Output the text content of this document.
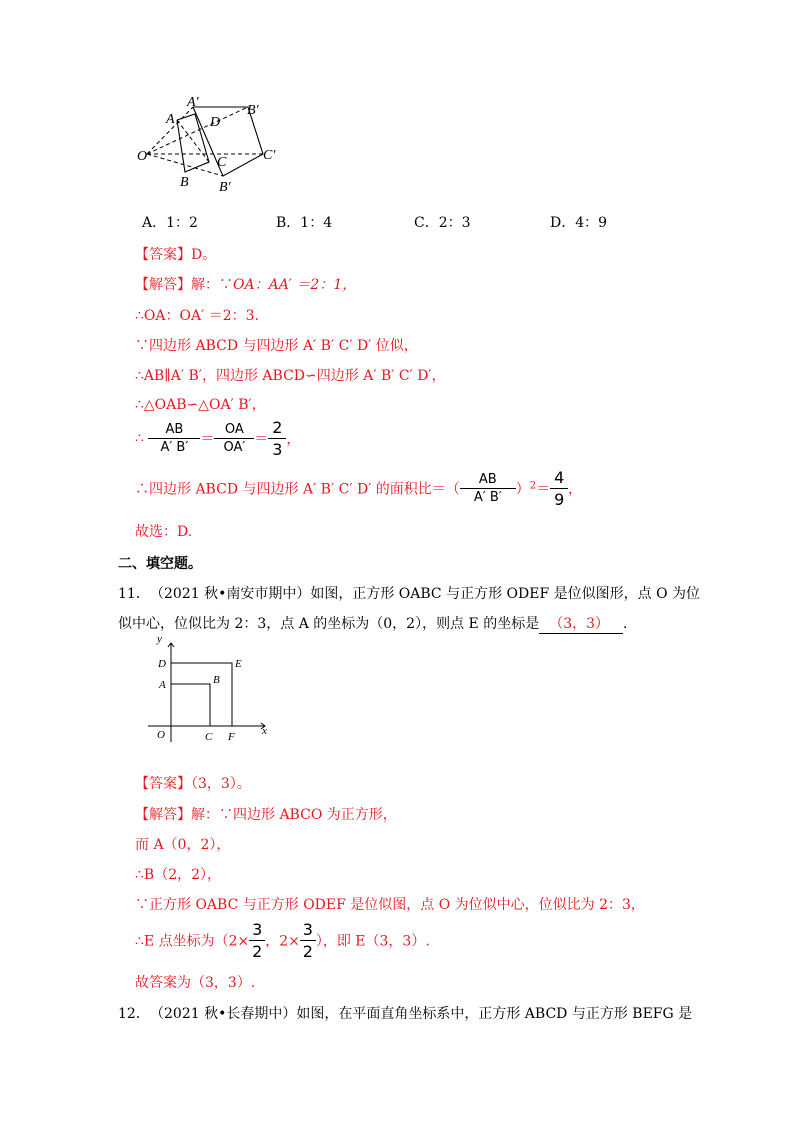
A′
B′
A	D
O	C	C′
B B′
A．1：2	B．1：4	C．2：3	D．4：9
【答案】D。
【解答】解：∵OA：AA′ ＝2：1，
∴OA：OA′ ＝2：3.
∵四边形 ABCD 与四边形 A′ B′ C′ D′ 位似，
∴AB∥A′ B′，四边形 ABCD∽四边形 A′ B′ C′ D′，
∴△OAB∽△OA′ B′，
∴ $\frac{AB}{A' B'} = \frac{OA}{OA'} = \frac{2}{3}$ ，
∴四边形 ABCD 与四边形 A′ B′ C′ D′ 的面积比＝（ $\frac{AB}{A' B'} )^2= \frac{4}{9}$ ，
故选：D.
二、填空题。
11． （2021 秋•南安市期中）如图，正方形 OABC 与正方形 ODEF 是位似图形，点 O 为位
似中心，位似比为 2：3，点 A 的坐标为（0，2），则点 E 的坐标是 （3，3） ．
y
D	E
A	B
O	C F x
【答案】（3，3）。
【解答】解：∵四边形 ABCO 为正方形，
而 A（0，2），
∴B（2，2），
∵正方形 OABC 与正方形 ODEF 是位似图，点 O 为位似中心，位似比为 2：3，
∴E 点坐标为（$2\times \frac{3}{2}$ ，$2\times \frac{3}{2}$ ），即 E（3，3）.
故答案为（3，3）.
12． （2021 秋•长春期中）如图，在平面直角坐标系中，正方形 ABCD 与正方形 BEFG 是
